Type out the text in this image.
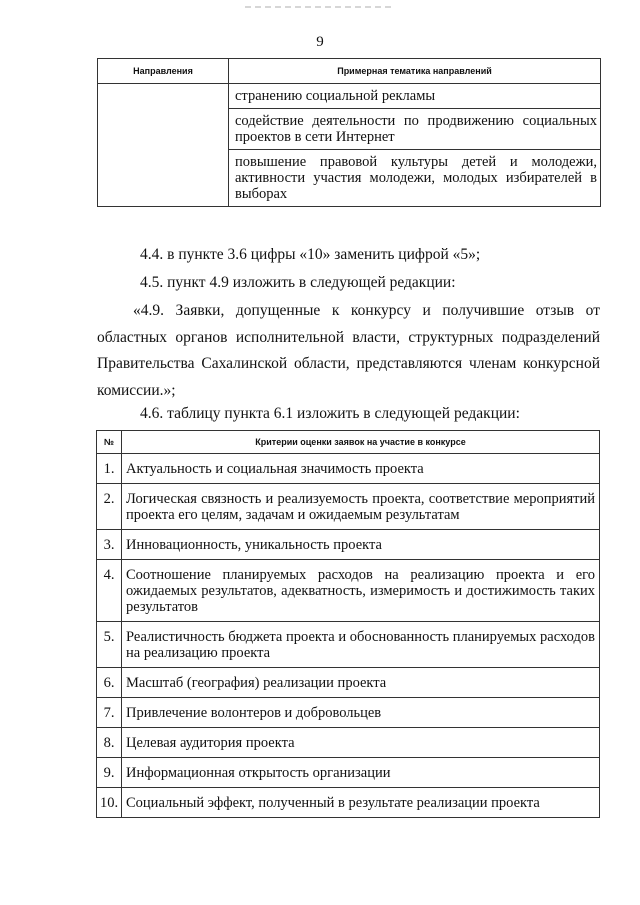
9
Направления	Примерная тематика направлений
	странению социальной рекламы
	содействие деятельности по продвижению социальных проектов в сети Интернет
	повышение правовой культуры детей и молодежи, активности участия молодежи, молодых избирателей в выборах
4.4. в пункте 3.6 цифры «10» заменить цифрой «5»;
4.5. пункт 4.9 изложить в следующей редакции:
«4.9. Заявки, допущенные к конкурсу и получившие отзыв от областных органов исполнительной власти, структурных подразделений Правительства Сахалинской области, представляются членам конкурсной комиссии.»;
4.6. таблицу пункта 6.1 изложить в следующей редакции:
№	Критерии оценки заявок на участие в конкурсе
1.	Актуальность и социальная значимость проекта
2.	Логическая связность и реализуемость проекта, соответствие мероприятий проекта его целям, задачам и ожидаемым результатам
3.	Инновационность, уникальность проекта
4.	Соотношение планируемых расходов на реализацию проекта и его ожидаемых результатов, адекватность, измеримость и достижимость таких результатов
5.	Реалистичность бюджета проекта и обоснованность планируемых расходов на реализацию проекта
6.	Масштаб (география) реализации проекта
7.	Привлечение волонтеров и добровольцев
8.	Целевая аудитория проекта
9.	Информационная открытость организации
10.	Социальный эффект, полученный в результате реализации проекта
